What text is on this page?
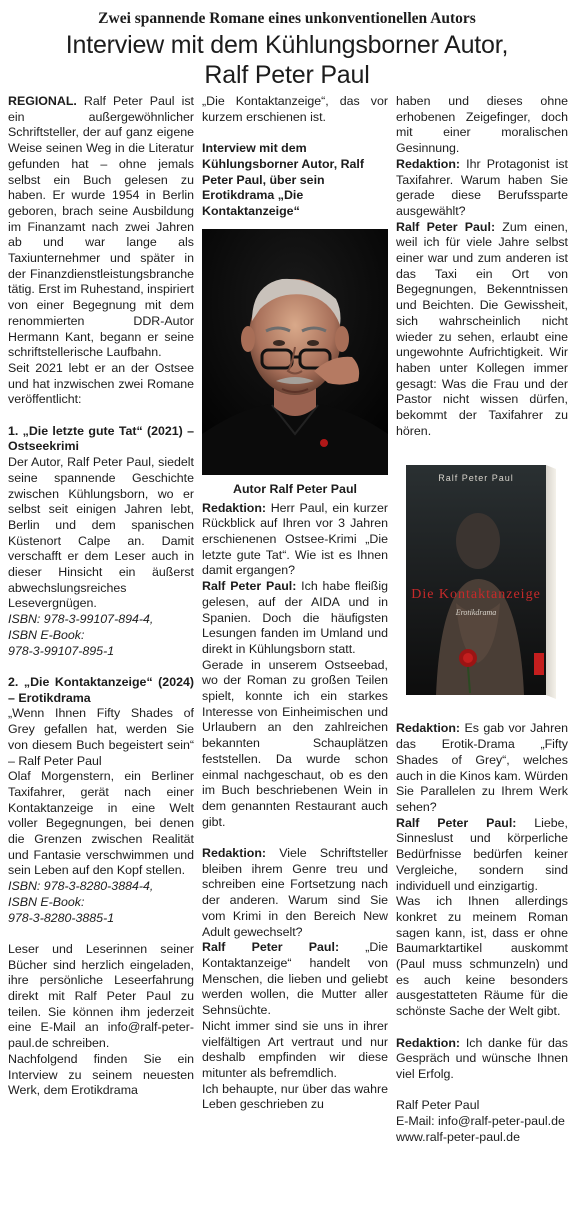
Zwei spannende Romane eines unkonventionellen Autors
Interview mit dem Kühlungsborner Autor,
Ralf Peter Paul

REGIONAL. Ralf Peter Paul ist ein außergewöhnlicher Schriftsteller, der auf ganz eigene Weise seinen Weg in die Literatur gefunden hat – ohne jemals selbst ein Buch gelesen zu haben. Er wurde 1954 in Berlin geboren, brach seine Ausbildung im Finanzamt nach zwei Jahren ab und war lange als Taxiunternehmer und später in der Finanzdienstleistungsbranche tätig. Erst im Ruhestand, inspiriert von einer Begegnung mit dem renommierten DDR-Autor Hermann Kant, begann er seine schriftstellerische Laufbahn.

Seit 2021 lebt er an der Ostsee und hat inzwischen zwei Romane veröffentlicht:

1. „Die letzte gute Tat“ (2021) – Ostseekrimi

Der Autor, Ralf Peter Paul, siedelt seine spannende Geschichte zwischen Kühlungsborn, wo er selbst seit einigen Jahren lebt, Berlin und dem spanischen Küstenort Calpe an. Damit verschafft er dem Leser auch in dieser Hinsicht ein äußerst abwechslungsreiches Lesevergnügen.

ISBN: 978-3-99107-894-4,

ISBN E-Book:

978-3-99107-895-1

2. „Die Kontaktanzeige“ (2024) – Erotikdrama

„Wenn Ihnen Fifty Shades of Grey gefallen hat, werden Sie von diesem Buch begeistert sein“ – Ralf Peter Paul

Olaf Morgenstern, ein Berliner Taxifahrer, gerät nach einer Kontaktanzeige in eine Welt voller Begegnungen, bei denen die Grenzen zwischen Realität und Fantasie verschwimmen und sein Leben auf den Kopf stellen.

ISBN: 978-3-8280-3884-4,

ISBN E-Book:

978-3-8280-3885-1

Leser und Leserinnen seiner Bücher sind herzlich eingeladen, ihre persönliche Leseerfahrung direkt mit Ralf Peter Paul zu teilen. Sie können ihm jederzeit eine E-Mail an info@ralf-peter-paul.de schreiben.

Nachfolgend finden Sie ein Interview zu seinem neuesten Werk, dem Erotikdrama

„Die Kontaktanzeige“, das vor kurzem erschienen ist.

Interview mit dem Kühlungsborner Autor, Ralf Peter Paul, über sein Erotikdrama „Die Kontaktanzeige“

Autor Ralf Peter Paul

Redaktion: Herr Paul, ein kurzer Rückblick auf Ihren vor 3 Jahren erschienenen Ostsee-Krimi „Die letzte gute Tat“. Wie ist es Ihnen damit ergangen?

Ralf Peter Paul: Ich habe fleißig gelesen, auf der AIDA und in Spanien. Doch die häufigsten Lesungen fanden im Umland und direkt in Kühlungsborn statt.

Gerade in unserem Ostseebad, wo der Roman zu großen Teilen spielt, konnte ich ein starkes Interesse von Einheimischen und Urlaubern an den zahlreichen bekannten Schauplätzen feststellen. Da wurde schon einmal nachgeschaut, ob es den im Buch beschriebenen Wein in dem genannten Restaurant auch gibt.

Redaktion: Viele Schriftsteller bleiben ihrem Genre treu und schreiben eine Fortsetzung nach der anderen. Warum sind Sie vom Krimi in den Bereich New Adult gewechselt?

Ralf Peter Paul: „Die Kontaktanzeige“ handelt von Menschen, die lieben und geliebt werden wollen, die Mutter aller Sehnsüchte.

Nicht immer sind sie uns in ihrer vielfältigen Art vertraut und nur deshalb empfinden wir diese mitunter als befremdlich.

Ich behaupte, nur über das wahre Leben geschrieben zu

haben und dieses ohne erhobenen Zeigefinger, doch mit einer moralischen Gesinnung.

Redaktion: Ihr Protagonist ist Taxifahrer. Warum haben Sie gerade diese Berufssparte ausgewählt?

Ralf Peter Paul: Zum einen, weil ich für viele Jahre selbst einer war und zum anderen ist das Taxi ein Ort von Begegnungen, Bekenntnissen und Beichten. Die Gewissheit, sich wahrscheinlich nicht wieder zu sehen, erlaubt eine ungewohnte Aufrichtigkeit. Wir haben unter Kollegen immer gesagt: Was die Frau und der Pastor nicht wissen dürfen, bekommt der Taxifahrer zu hören.

Ralf Peter Paul
Die Kontaktanzeige
Erotikdrama

Redaktion: Es gab vor Jahren das Erotik-Drama „Fifty Shades of Grey“, welches auch in die Kinos kam. Würden Sie Parallelen zu Ihrem Werk sehen?

Ralf Peter Paul: Liebe, Sinneslust und körperliche Bedürfnisse bedürfen keiner Vergleiche, sondern sind individuell und einzigartig.

Was ich Ihnen allerdings konkret zu meinem Roman sagen kann, ist, dass er ohne Baumarktartikel auskommt (Paul muss schmunzeln) und es auch keine besonders ausgestatteten Räume für die schönste Sache der Welt gibt.

Redaktion: Ich danke für das Gespräch und wünsche Ihnen viel Erfolg.

Ralf Peter Paul

E-Mail: info@ralf-peter-paul.de

www.ralf-peter-paul.de
